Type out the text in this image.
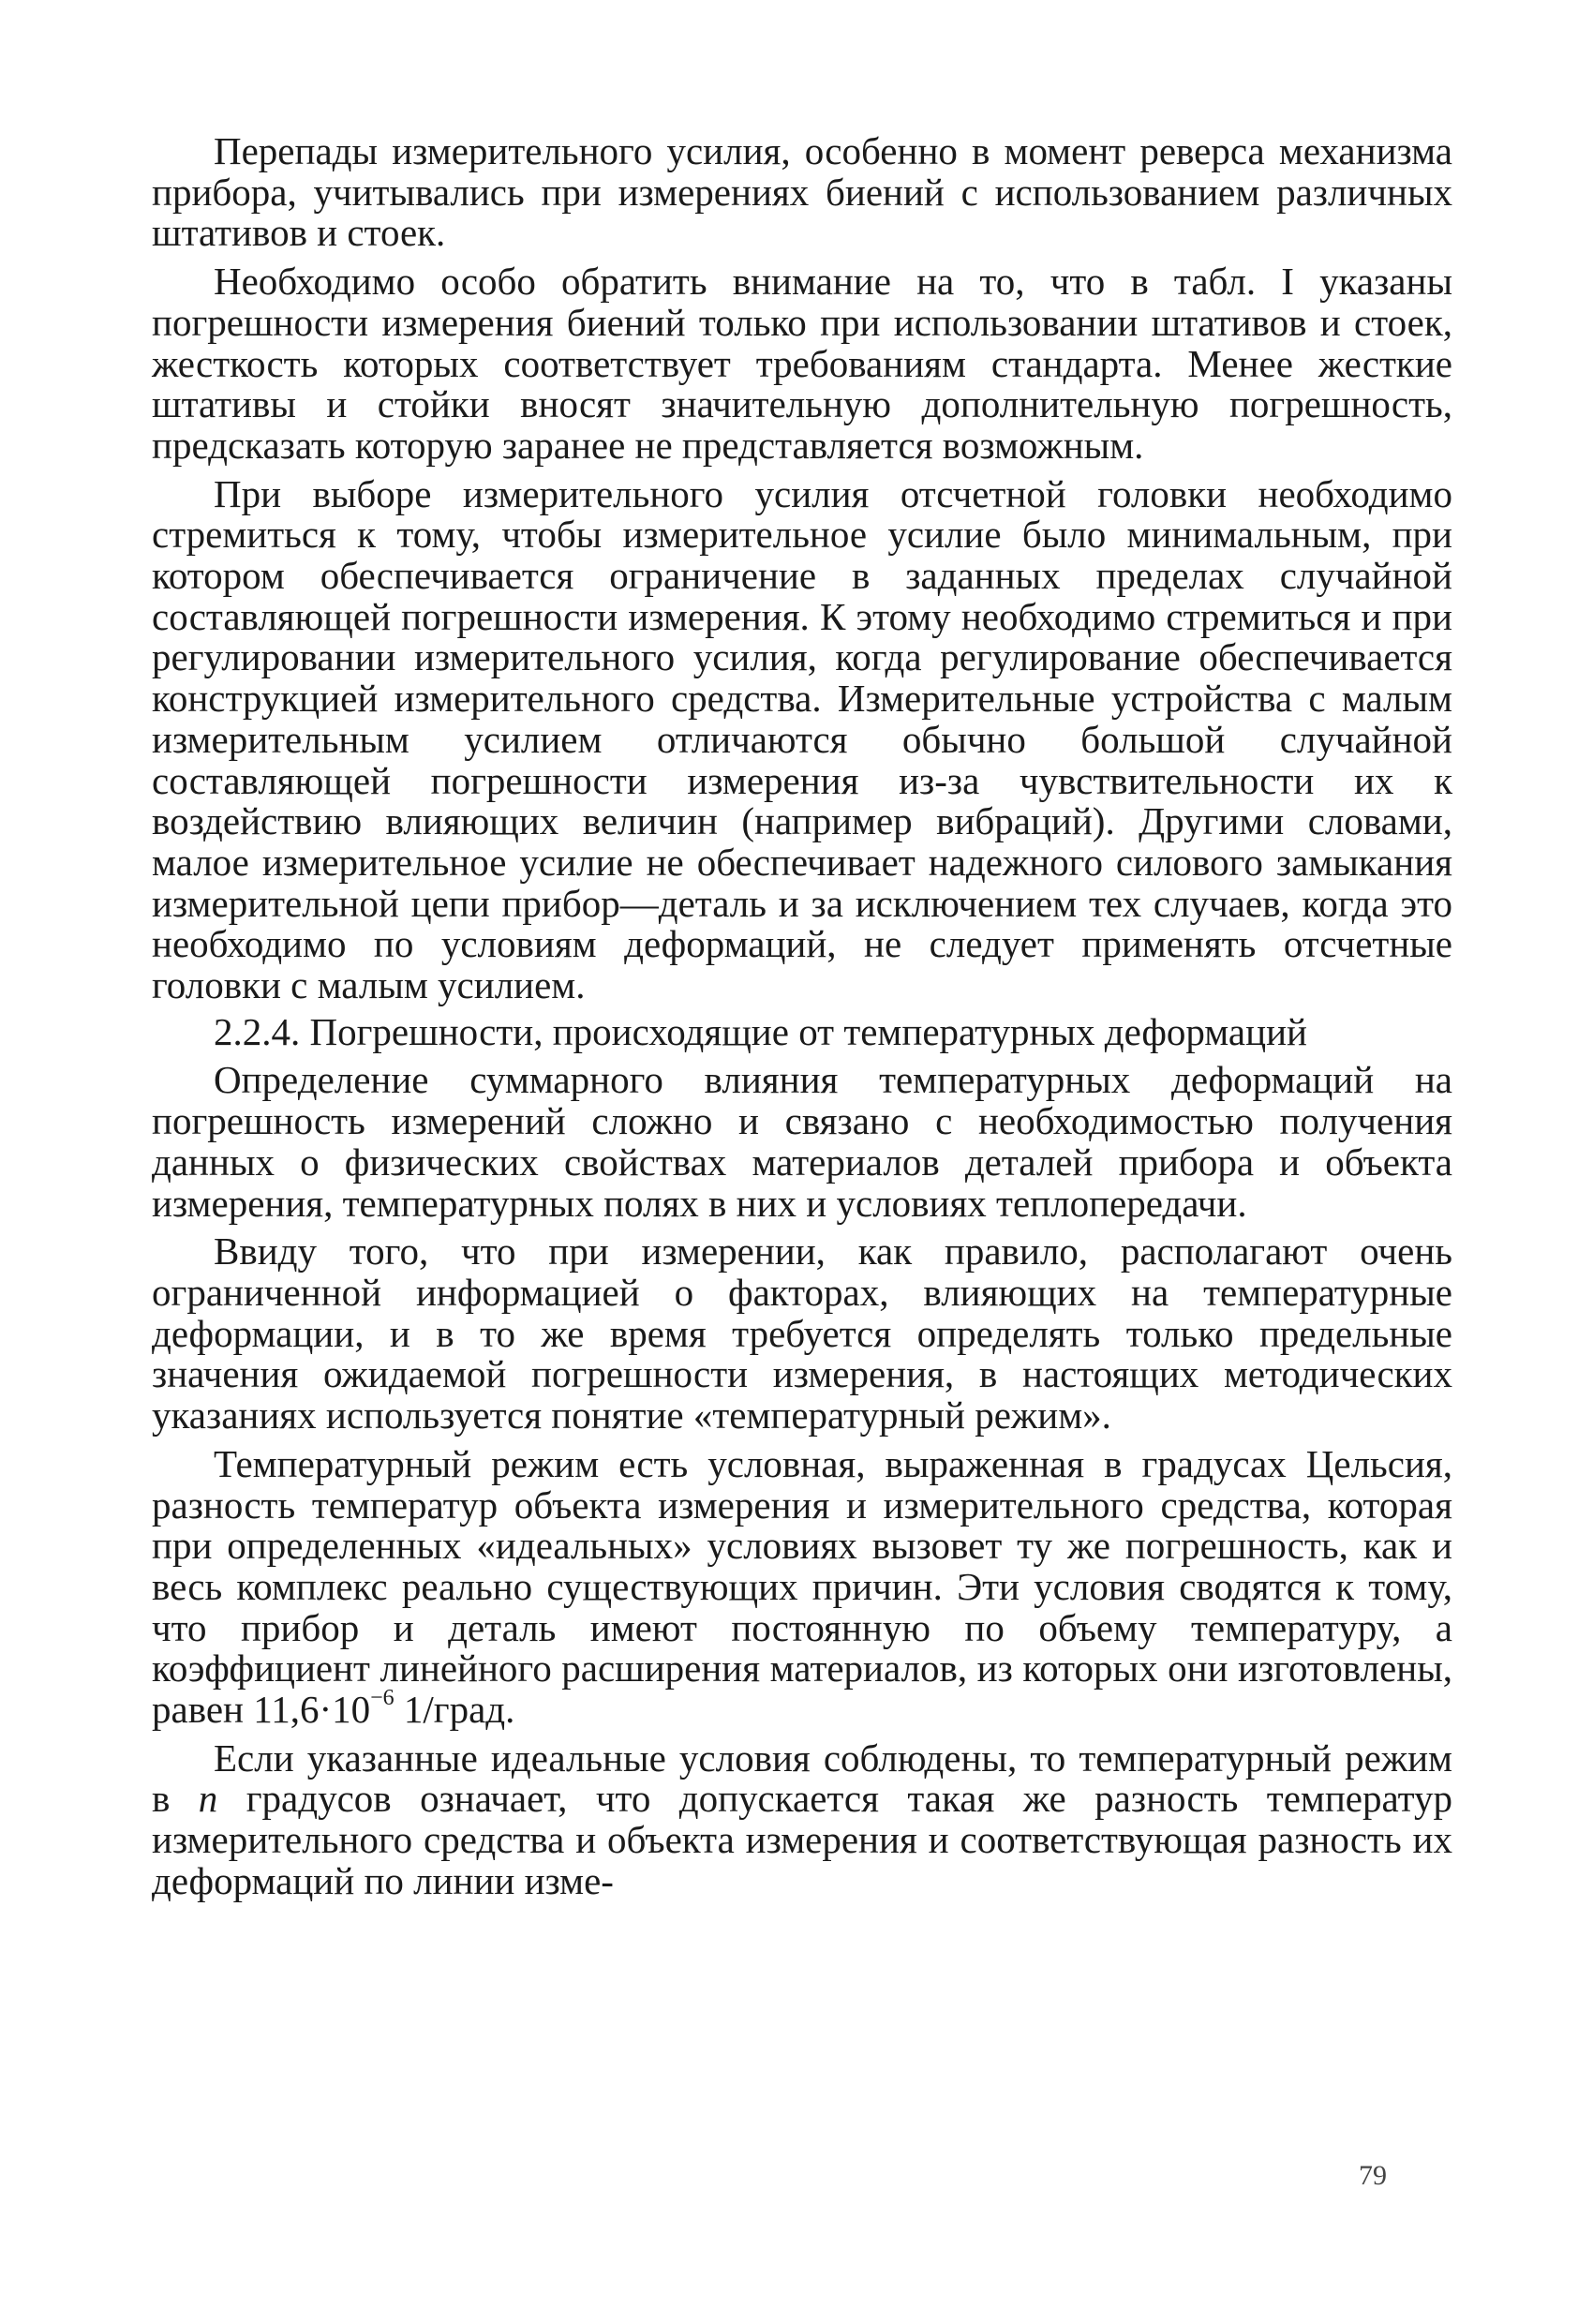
Перепады измерительного усилия, особенно в момент реверса механизма прибора, учитывались при измерениях биений с использованием различных штативов и стоек.

Необходимо особо обратить внимание на то, что в табл. I указаны погрешности измерения биений только при использовании штативов и стоек, жесткость которых соответствует требованиям стандарта. Менее жесткие штативы и стойки вносят значительную дополнительную погрешность, предсказать которую заранее не представляется возможным.

При выборе измерительного усилия отсчетной головки необходимо стремиться к тому, чтобы измерительное усилие было минимальным, при котором обеспечивается ограничение в заданных пределах случайной составляющей погрешности измерения. К этому необходимо стремиться и при регулировании измерительного усилия, когда регулирование обеспечивается конструкцией измерительного средства. Измерительные устройства с малым измерительным усилием отличаются обычно большой случайной составляющей погрешности измерения из-за чувствительности их к воздействию влияющих величин (например вибраций). Другими словами, малое измерительное усилие не обеспечивает надежного силового замыкания измерительной цепи прибор—деталь и за исключением тех случаев, когда это необходимо по условиям деформаций, не следует применять отсчетные головки с малым усилием.

2.2.4. Погрешности, происходящие от температурных деформаций

Определение суммарного влияния температурных деформаций на погрешность измерений сложно и связано с необходимостью получения данных о физических свойствах материалов деталей прибора и объекта измерения, температурных полях в них и условиях теплопередачи.

Ввиду того, что при измерении, как правило, располагают очень ограниченной информацией о факторах, влияющих на температурные деформации, и в то же время требуется определять только предельные значения ожидаемой погрешности измерения, в настоящих методических указаниях используется понятие «температурный режим».

Температурный режим есть условная, выраженная в градусах Цельсия, разность температур объекта измерения и измерительного средства, которая при определенных «идеальных» условиях вызовет ту же погрешность, как и весь комплекс реально существующих причин. Эти условия сводятся к тому, что прибор и деталь имеют постоянную по объему температуру, а коэффициент линейного расширения материалов, из которых они изготовлены, равен $11,6\cdot 10^{-6}$ 1/град.

Если указанные идеальные условия соблюдены, то температурный режим в n градусов означает, что допускается такая же разность температур измерительного средства и объекта измерения и соответствующая разность их деформаций по линии изме-

79
